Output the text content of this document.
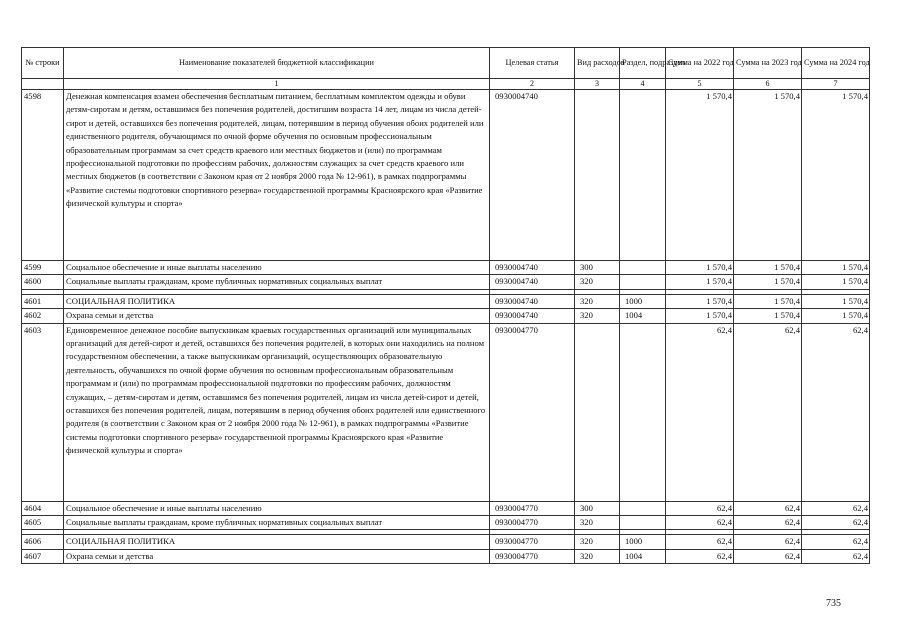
№ строки	Наименование показателей бюджетной классификации	Целевая статья	Вид расходов	Раздел, подраздел	Сумма на 2022 год	Сумма на 2023 год	Сумма на 2024 год
	1	2	3	4	5	6	7
4598	Денежная компенсация взамен обеспечения бесплатным питанием, бесплатным комплектом одежды и обуви детям-сиротам и детям, оставшимся без попечения родителей, достигшим возраста 14 лет, лицам из числа детей-сирот и детей, оставшихся без попечения родителей, лицам, потерявшим в период обучения обоих родителей или единственного родителя, обучающимся по очной форме обучения по основным профессиональным образовательным программам за счет средств краевого или местных бюджетов и (или) по программам профессиональной подготовки по профессиям рабочих, должностям служащих за счет средств краевого или местных бюджетов (в соответствии с Законом края от 2 ноября 2000 года № 12-961), в рамках подпрограммы «Развитие системы подготовки спортивного резерва» государственной программы Красноярского края «Развитие физической культуры и спорта»	0930004740			1 570,4	1 570,4	1 570,4
4599	Социальное обеспечение и иные выплаты населению	0930004740	300		1 570,4	1 570,4	1 570,4
4600	Социальные выплаты гражданам, кроме публичных нормативных социальных выплат	0930004740	320		1 570,4	1 570,4	1 570,4

4601	СОЦИАЛЬНАЯ ПОЛИТИКА	0930004740	320	1000	1 570,4	1 570,4	1 570,4
4602	Охрана семьи и детства	0930004740	320	1004	1 570,4	1 570,4	1 570,4
4603	Единовременное денежное пособие выпускникам краевых государственных организаций или муниципальных организаций для детей-сирот и детей, оставшихся без попечения родителей, в которых они находились на полном государственном обеспечении, а также выпускникам организаций, осуществляющих образовательную деятельность, обучавшихся по очной форме обучения по основным профессиональным образовательным программам и (или) по программам профессиональной подготовки по профессиям рабочих, должностям служащих, – детям-сиротам и детям, оставшимся без попечения родителей, лицам из числа детей-сирот и детей, оставшихся без попечения родителей, лицам, потерявшим в период обучения обоих родителей или единственного родителя (в соответствии с Законом края от 2 ноября 2000 года № 12-961), в рамках подпрограммы «Развитие системы подготовки спортивного резерва» государственной программы Красноярского края «Развитие физической культуры и спорта»	0930004770			62,4	62,4	62,4
4604	Социальное обеспечение и иные выплаты населению	0930004770	300		62,4	62,4	62,4
4605	Социальные выплаты гражданам, кроме публичных нормативных социальных выплат	0930004770	320		62,4	62,4	62,4

4606	СОЦИАЛЬНАЯ ПОЛИТИКА	0930004770	320	1000	62,4	62,4	62,4
4607	Охрана семьи и детства	0930004770	320	1004	62,4	62,4	62,4
735
